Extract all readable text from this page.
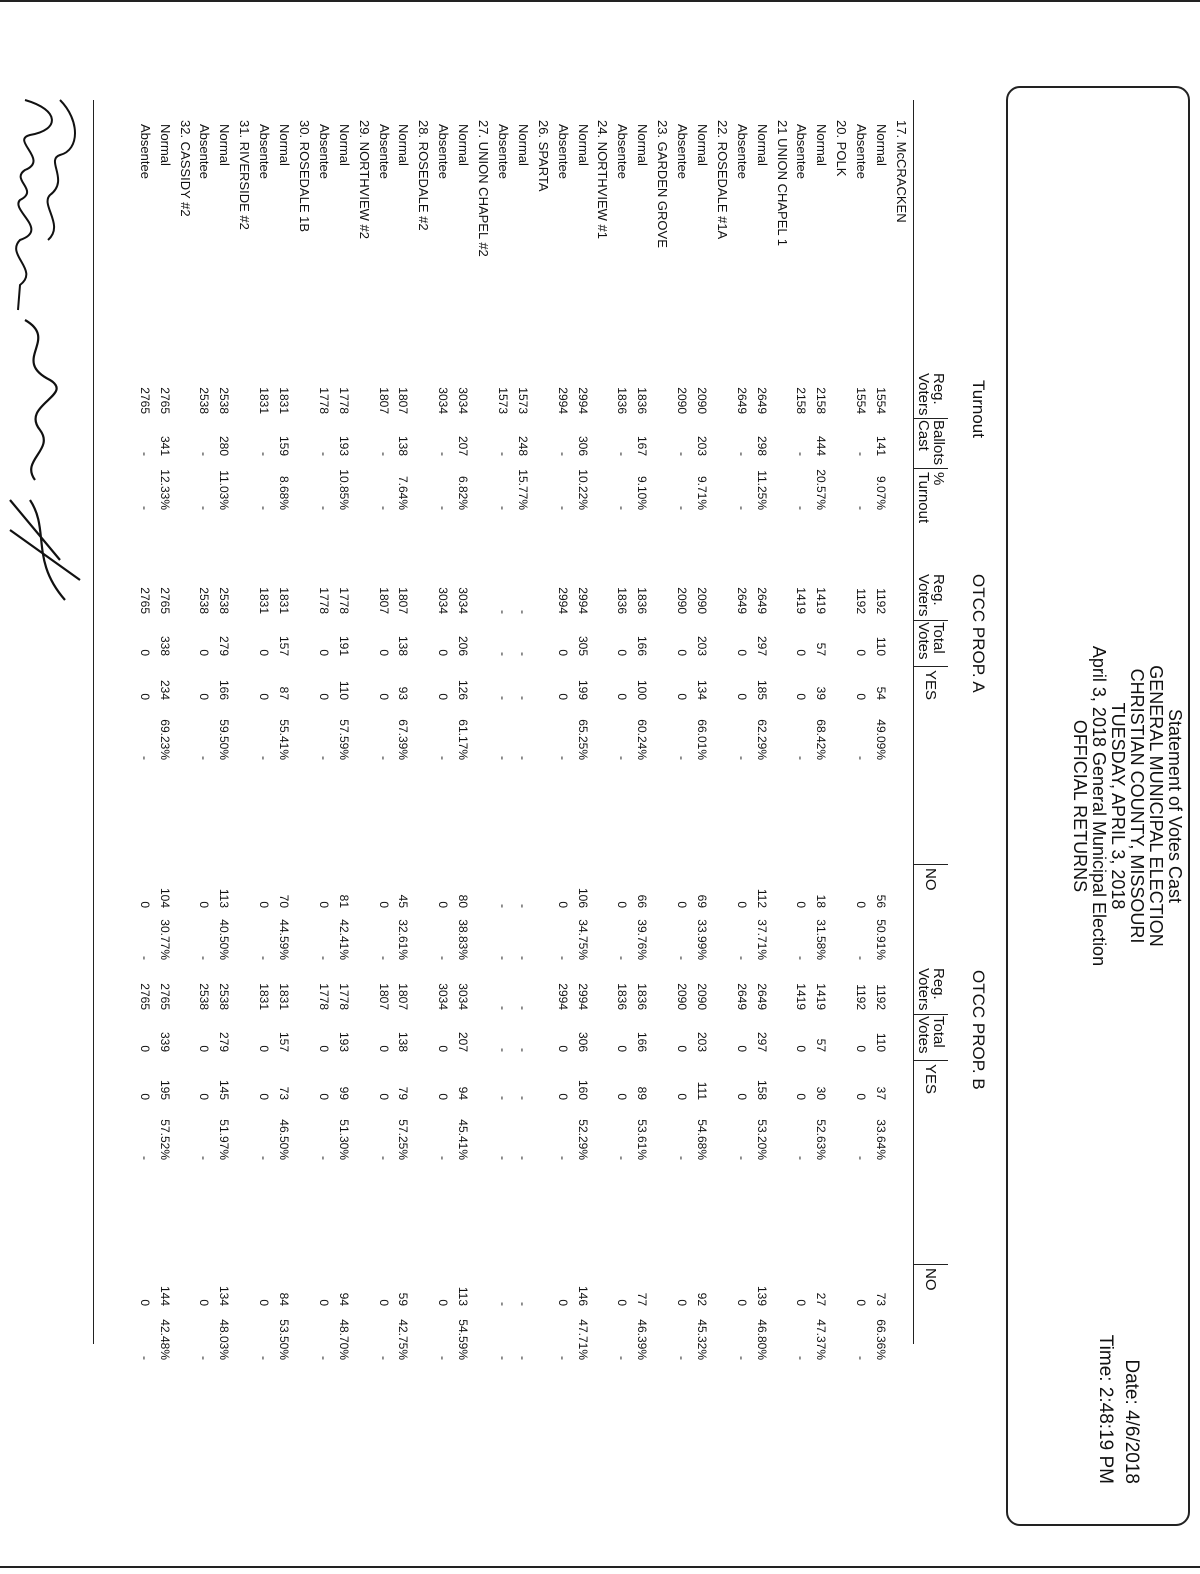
Statement of Votes Cast
GENERAL MUNICIPAL ELECTION
CHRISTIAN COUNTY, MISSOURI
TUESDAY, APRIL 3, 2018
April 3, 2018 General Municipal Election
OFFICIAL RETURNS
Date: 4/6/2018
Time: 2:48:19 PM
Turnout
OTCC PROP. A
OTCC PROP. B
Reg.
Voters
Ballots
Cast
%
Turnout
Reg.
Voters
Total
Votes
YES
NO
Reg.
Voters
Total
Votes
YES
NO
17. McCRACKEN
Normal
1554
141
9.07%
1192
110
54
49.09%
56
50.91%
1192
110
37
33.64%
73
66.36%
Absentee
1554
-
-
1192
0
0
-
0
-
1192
0
0
-
0
-
20. POLK
Normal
2158
444
20.57%
1419
57
39
68.42%
18
31.58%
1419
57
30
52.63%
27
47.37%
Absentee
2158
-
-
1419
0
0
-
0
-
1419
0
0
-
0
-
21 UNION CHAPEL 1
Normal
2649
298
11.25%
2649
297
185
62.29%
112
37.71%
2649
297
158
53.20%
139
46.80%
Absentee
2649
-
-
2649
0
0
-
0
-
2649
0
0
-
0
-
22. ROSEDALE #1A
Normal
2090
203
9.71%
2090
203
134
66.01%
69
33.99%
2090
203
111
54.68%
92
45.32%
Absentee
2090
-
-
2090
0
0
-
0
-
2090
0
0
-
0
-
23. GARDEN GROVE
Normal
1836
167
9.10%
1836
166
100
60.24%
66
39.76%
1836
166
89
53.61%
77
46.39%
Absentee
1836
-
-
1836
0
0
-
0
-
1836
0
0
-
0
-
24. NORTHVIEW #1
Normal
2994
306
10.22%
2994
305
199
65.25%
106
34.75%
2994
306
160
52.29%
146
47.71%
Absentee
2994
-
-
2994
0
0
-
0
-
2994
0
0
-
0
-
26. SPARTA
Normal
1573
248
15.77%
-
-
-
-
-
-
-
-
-
-
-
-
Absentee
1573
-
-
-
-
-
-
-
-
-
-
-
-
-
-
27. UNION CHAPEL #2
Normal
3034
207
6.82%
3034
206
126
61.17%
80
38.83%
3034
207
94
45.41%
113
54.59%
Absentee
3034
-
-
3034
0
0
-
0
-
3034
0
0
-
0
-
28. ROSEDALE #2
Normal
1807
138
7.64%
1807
138
93
67.39%
45
32.61%
1807
138
79
57.25%
59
42.75%
Absentee
1807
-
-
1807
0
0
-
0
-
1807
0
0
-
0
-
29. NORTHVIEW #2
Normal
1778
193
10.85%
1778
191
110
57.59%
81
42.41%
1778
193
99
51.30%
94
48.70%
Absentee
1778
-
-
1778
0
0
-
0
-
1778
0
0
-
0
-
30. ROSEDALE 1B
Normal
1831
159
8.68%
1831
157
87
55.41%
70
44.59%
1831
157
73
46.50%
84
53.50%
Absentee
1831
-
-
1831
0
0
-
0
-
1831
0
0
-
0
-
31. RIVERSIDE #2
Normal
2538
280
11.03%
2538
279
166
59.50%
113
40.50%
2538
279
145
51.97%
134
48.03%
Absentee
2538
-
-
2538
0
0
-
0
-
2538
0
0
-
0
-
32. CASSIDY #2
Normal
2765
341
12.33%
2765
338
234
69.23%
104
30.77%
2765
339
195
57.52%
144
42.48%
Absentee
2765
-
-
2765
0
0
-
0
-
2765
0
0
-
0
-
